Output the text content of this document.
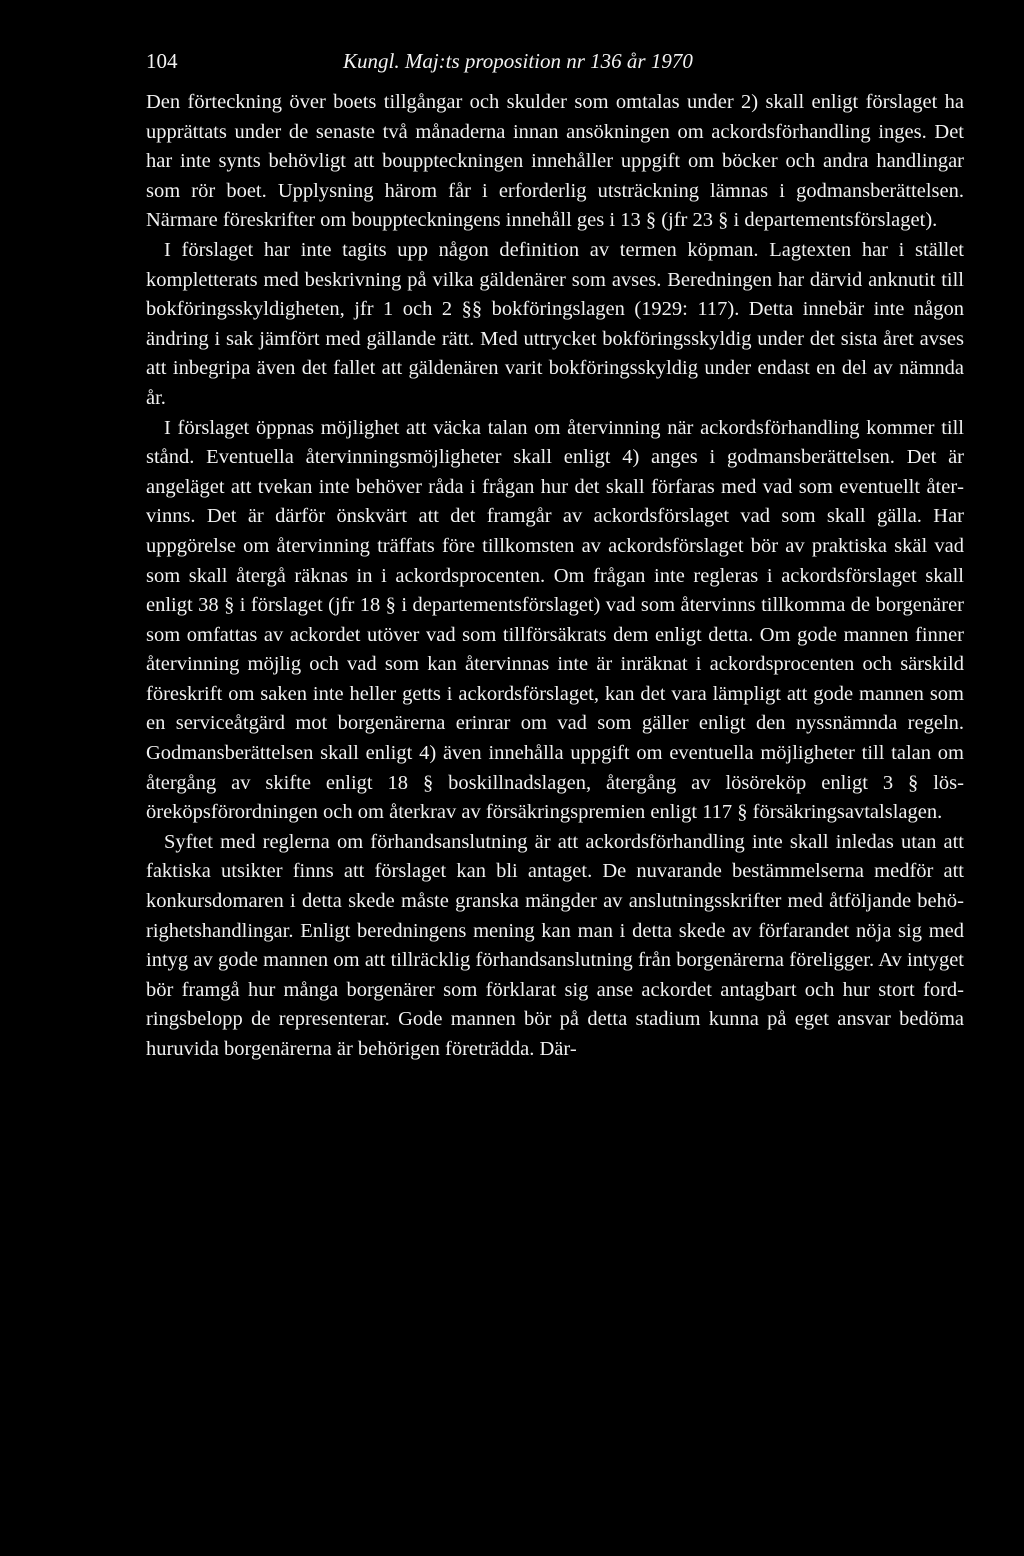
104	Kungl. Maj:ts proposition nr 136 år 1970

Den förteckning över boets tillgångar och skulder som omtalas under 2) skall enligt förslaget ha upprättats under de senaste två månaderna innan ansökningen om ackordsförhandling inges. Det har inte synts behövligt att bouppteckningen innehåller uppgift om böcker och andra handlingar som rör boet. Upplysning härom får i erforderlig utsträckning lämnas i godmansberättelsen. Närmare föreskrifter om bouppteckningens innehåll ges i 13 § (jfr 23 § i departementsförslaget).

I förslaget har inte tagits upp någon definition av termen köpman. Lagtexten har i stället kompletterats med beskrivning på vilka gäldenärer som avses. Beredningen har därvid anknutit till bokföringsskyldigheten, jfr 1 och 2 §§ bokföringslagen (1929: 117). Detta innebär inte någon ändring i sak jämfört med gällande rätt. Med uttrycket bokföringsskyldig under det sista året avses att inbegripa även det fallet att gäldenären varit bokföringsskyldig under endast en del av nämnda år.

I förslaget öppnas möjlighet att väcka talan om återvinning när ackordsförhandling kommer till stånd. Eventuella återvinningsmöjligheter skall enligt 4) anges i godmansberättelsen. Det är angeläget att tvekan inte behöver råda i frågan hur det skall förfaras med vad som eventuellt återvinns. Det är därför önskvärt att det framgår av ackordsförslaget vad som skall gälla. Har uppgörelse om återvinning träffats före tillkomsten av ackordsförslaget bör av praktiska skäl vad som skall återgå räknas in i ackordsprocenten. Om frågan inte regleras i ackordsförslaget skall enligt 38 § i förslaget (jfr 18 § i departementsförslaget) vad som återvinns tillkomma de borgenärer som omfattas av ackordet utöver vad som tillförsäkrats dem enligt detta. Om gode mannen finner återvinning möjlig och vad som kan återvinnas inte är inräknat i ackordsprocenten och särskild föreskrift om saken inte heller getts i ackordsförslaget, kan det vara lämpligt att gode mannen som en serviceåtgärd mot borgenärerna erinrar om vad som gäller enligt den nyssnämnda regeln. Godmansberättelsen skall enligt 4) även innehålla uppgift om eventuella möjligheter till talan om återgång av skifte enligt 18 § boskillnadslagen, återgång av lösöreköp enligt 3 § lösöreköpsförordningen och om återkrav av försäkringspremien enligt 117 § försäkringsavtalslagen.

Syftet med reglerna om förhandsanslutning är att ackordsförhandling inte skall inledas utan att faktiska utsikter finns att förslaget kan bli antaget. De nuvarande bestämmelserna medför att konkursdomaren i detta skede måste granska mängder av anslutningsskrifter med åtföljande behörighetshandlingar. Enligt beredningens mening kan man i detta skede av förfarandet nöja sig med intyg av gode mannen om att tillräcklig förhandsanslutning från borgenärerna föreligger. Av intyget bör framgå hur många borgenärer som förklarat sig anse ackordet antagbart och hur stort fordringsbelopp de representerar. Gode mannen bör på detta stadium kunna på eget ansvar bedöma huruvida borgenärerna är behörigen företrädda. Där-
